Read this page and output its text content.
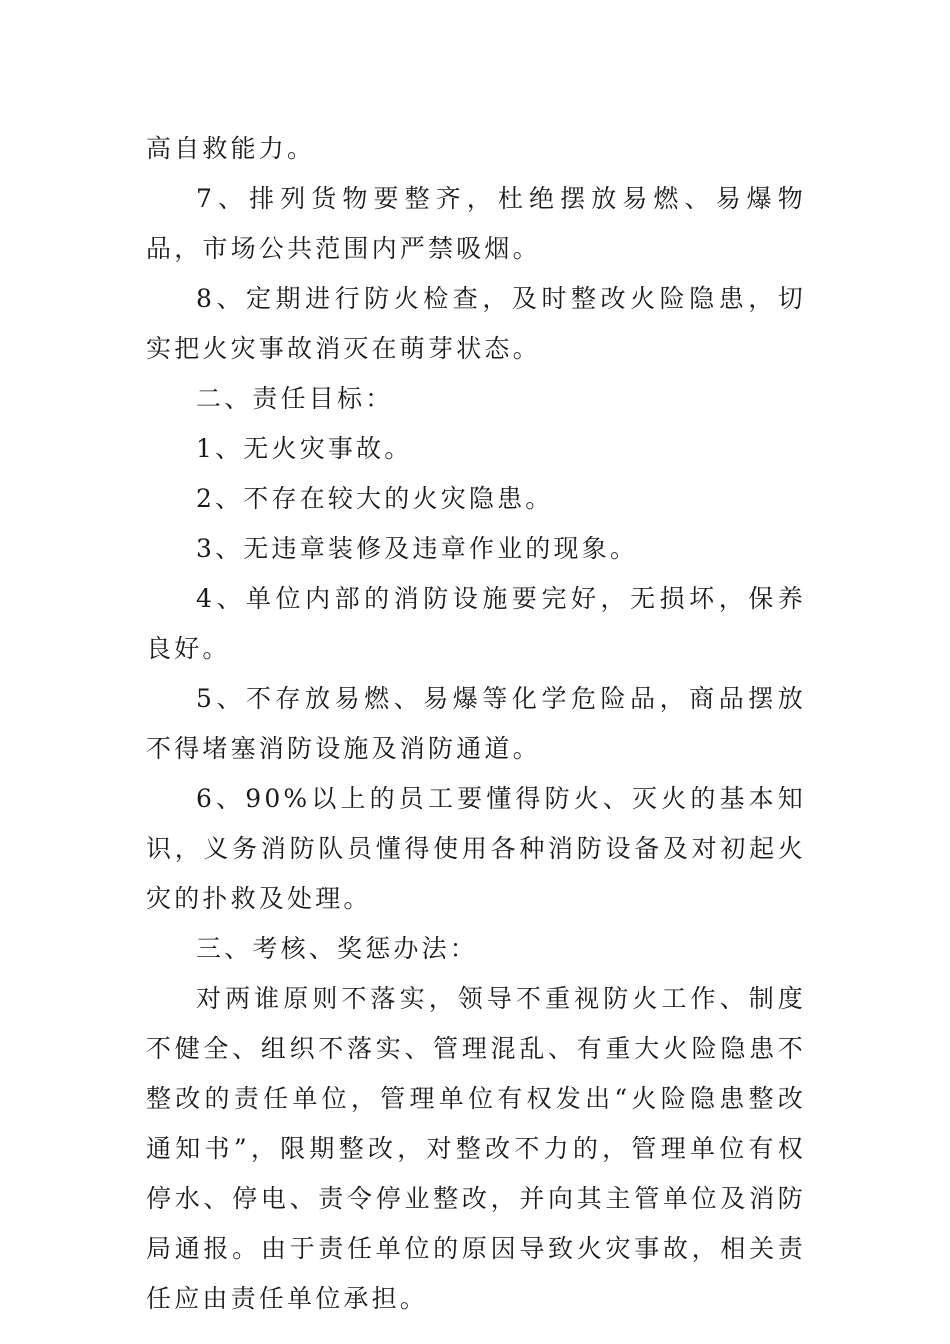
高自救能力。

7、排列货物要整齐，杜绝摆放易燃、易爆物品，市场公共范围内严禁吸烟。

8、定期进行防火检查，及时整改火险隐患，切实把火灾事故消灭在萌芽状态。

二、责任目标：

1、无火灾事故。

2、不存在较大的火灾隐患。

3、无违章装修及违章作业的现象。

4、单位内部的消防设施要完好，无损坏，保养良好。

5、不存放易燃、易爆等化学危险品，商品摆放不得堵塞消防设施及消防通道。

6、90%以上的员工要懂得防火、灭火的基本知识，义务消防队员懂得使用各种消防设备及对初起火灾的扑救及处理。

三、考核、奖惩办法：

对两谁原则不落实，领导不重视防火工作、制度不健全、组织不落实、管理混乱、有重大火险隐患不整改的责任单位，管理单位有权发出“火险隐患整改通知书”，限期整改，对整改不力的，管理单位有权停水、停电、责令停业整改，并向其主管单位及消防局通报。由于责任单位的原因导致火灾事故，相关责任应由责任单位承担。
